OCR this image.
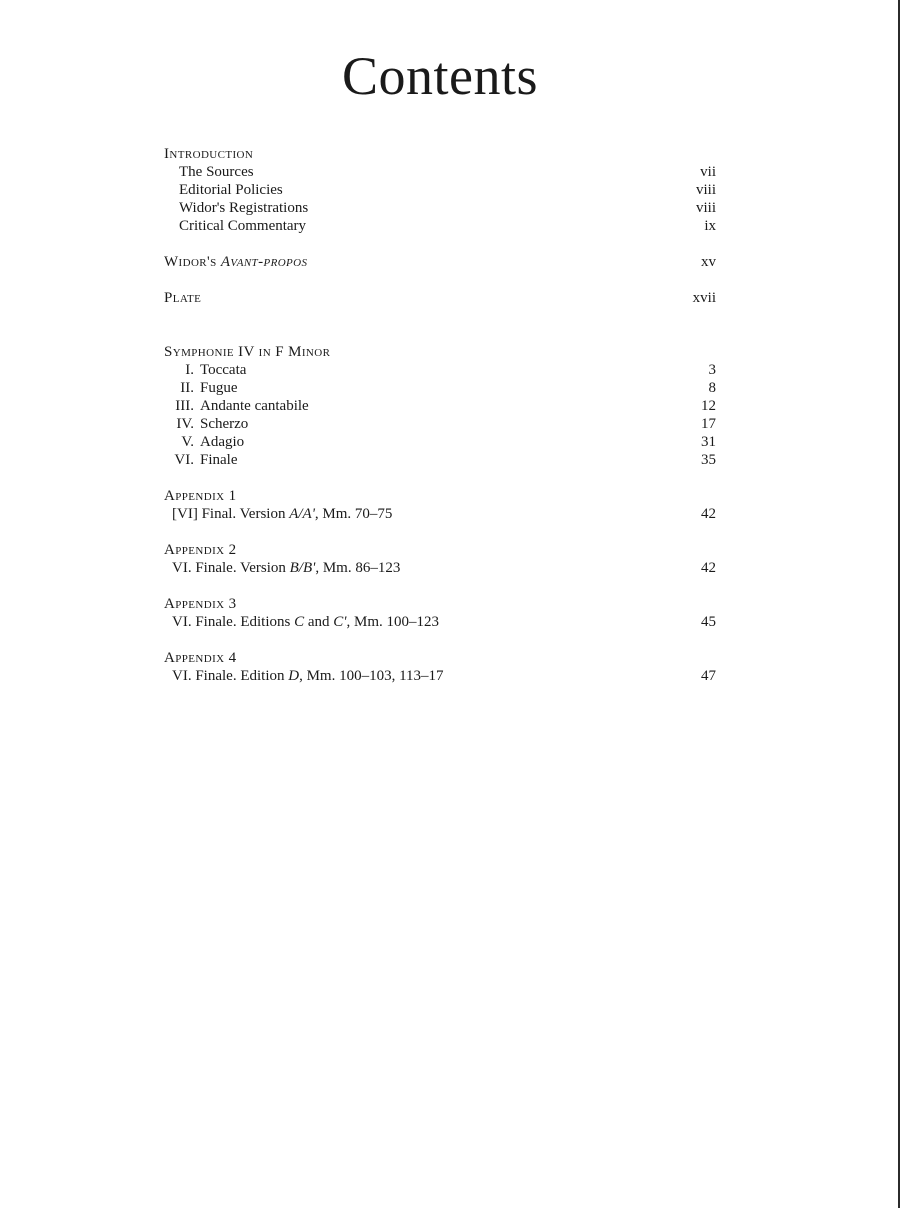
Contents
Introduction
The Sources	vii
Editorial Policies	viii
Widor's Registrations	viii
Critical Commentary	ix
Widor's Avant-propos	xv
Plate	xvii
Symphonie IV in F Minor
I. Toccata	3
II. Fugue	8
III. Andante cantabile	12
IV. Scherzo	17
V. Adagio	31
VI. Finale	35
Appendix 1
[VI] Final. Version A/A', Mm. 70–75	42
Appendix 2
VI. Finale. Version B/B', Mm. 86–123	42
Appendix 3
VI. Finale. Editions C and C', Mm. 100–123	45
Appendix 4
VI. Finale. Edition D, Mm. 100–103, 113–17	47
